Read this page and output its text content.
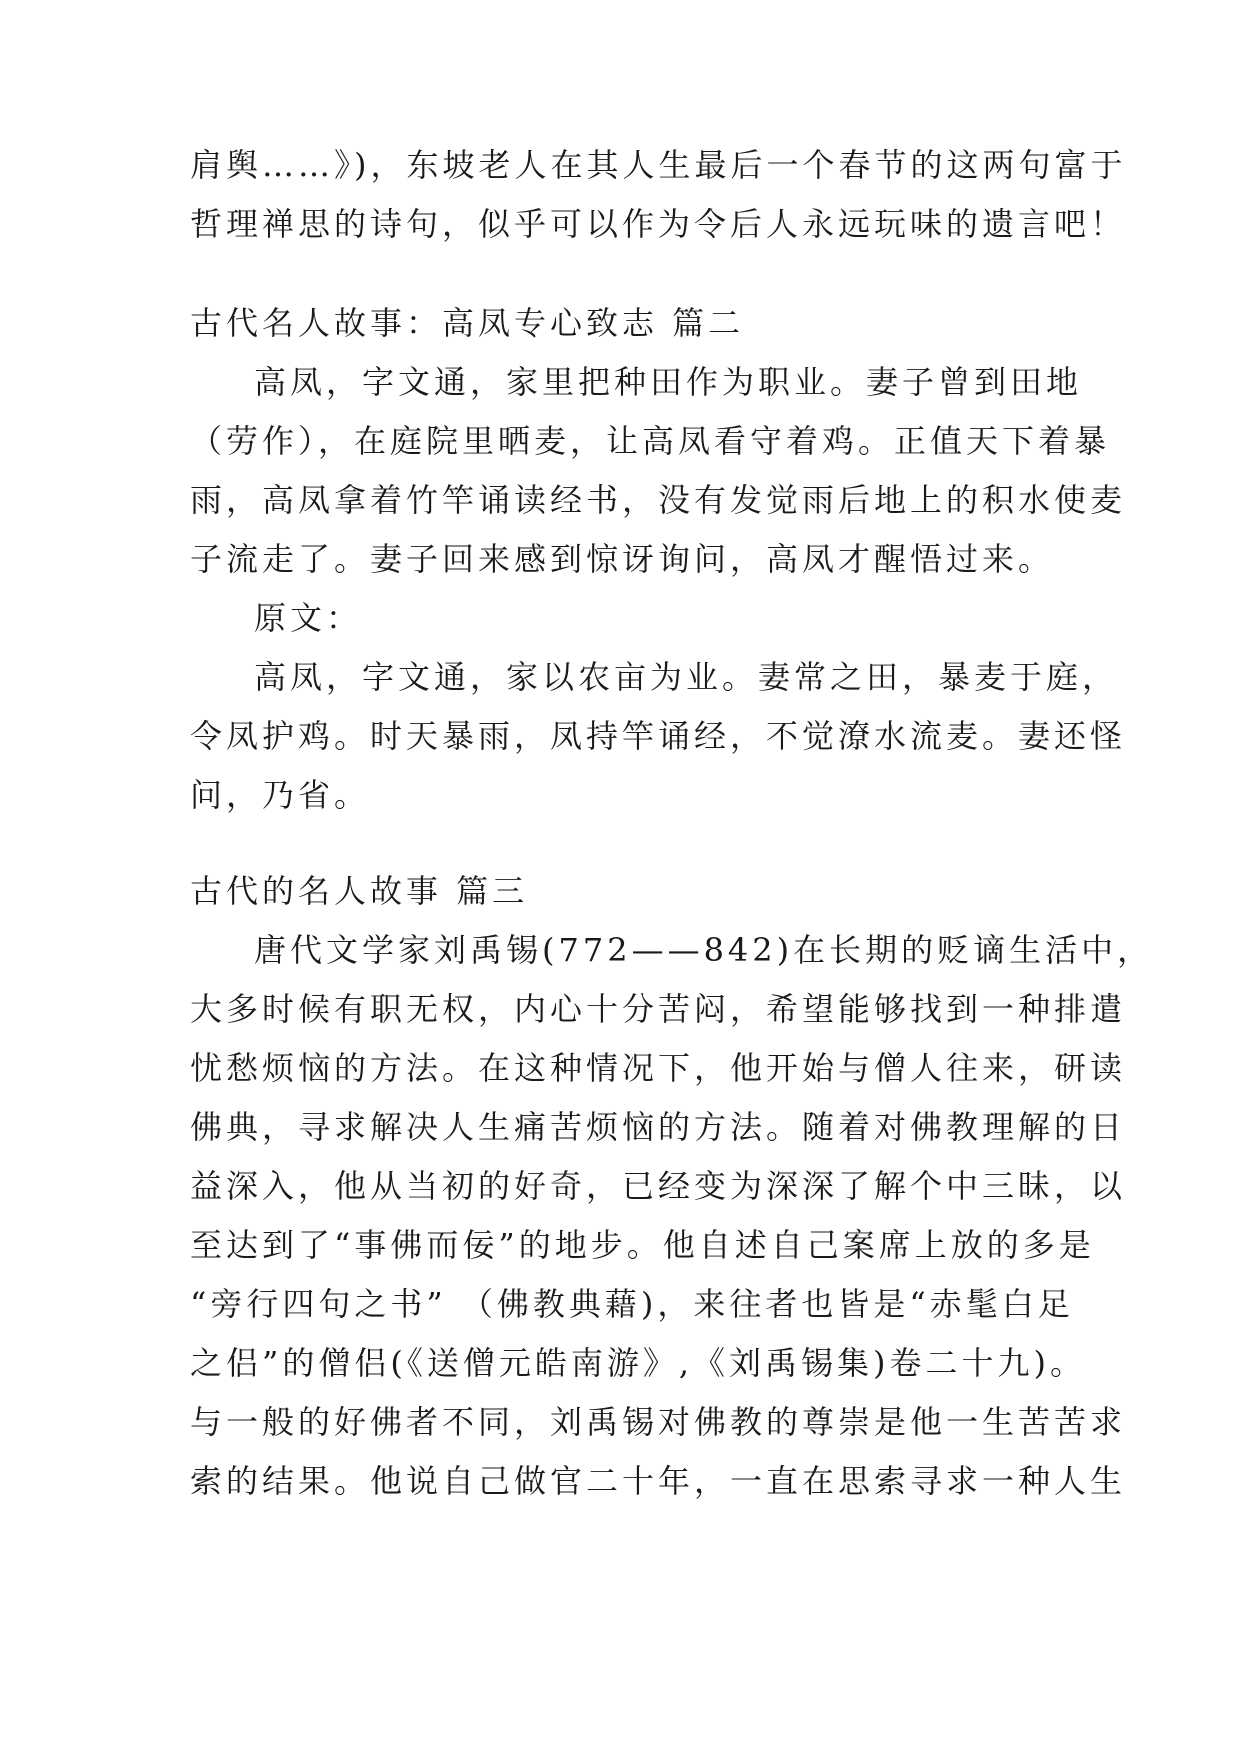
肩舆……》)，东坡老人在其人生最后一个春节的这两句富于
哲理禅思的诗句，似乎可以作为令后人永远玩味的遗言吧！
古代名人故事：高凤专心致志 篇二
高凤，字文通，家里把种田作为职业。妻子曾到田地
（劳作），在庭院里晒麦，让高凤看守着鸡。正值天下着暴
雨，高凤拿着竹竿诵读经书，没有发觉雨后地上的积水使麦
子流走了。妻子回来感到惊讶询问，高凤才醒悟过来。
原文：
高凤，字文通，家以农亩为业。妻常之田，暴麦于庭，
令凤护鸡。时天暴雨，凤持竿诵经，不觉潦水流麦。妻还怪
问，乃省。
古代的名人故事 篇三
唐代文学家刘禹锡(772——842)在长期的贬谪生活中，
大多时候有职无权，内心十分苦闷，希望能够找到一种排遣
忧愁烦恼的方法。在这种情况下，他开始与僧人往来，研读
佛典，寻求解决人生痛苦烦恼的方法。随着对佛教理解的日
益深入，他从当初的好奇，已经变为深深了解个中三昧，以
至达到了“事佛而佞”的地步。他自述自己案席上放的多是
“旁行四句之书” （佛教典藉)，来往者也皆是“赤髦白足
之侣”的僧侣(《送僧元皓南游》,《刘禹锡集)卷二十九)。
与一般的好佛者不同，刘禹锡对佛教的尊崇是他一生苦苦求
索的结果。他说自己做官二十年，一直在思索寻求一种人生
